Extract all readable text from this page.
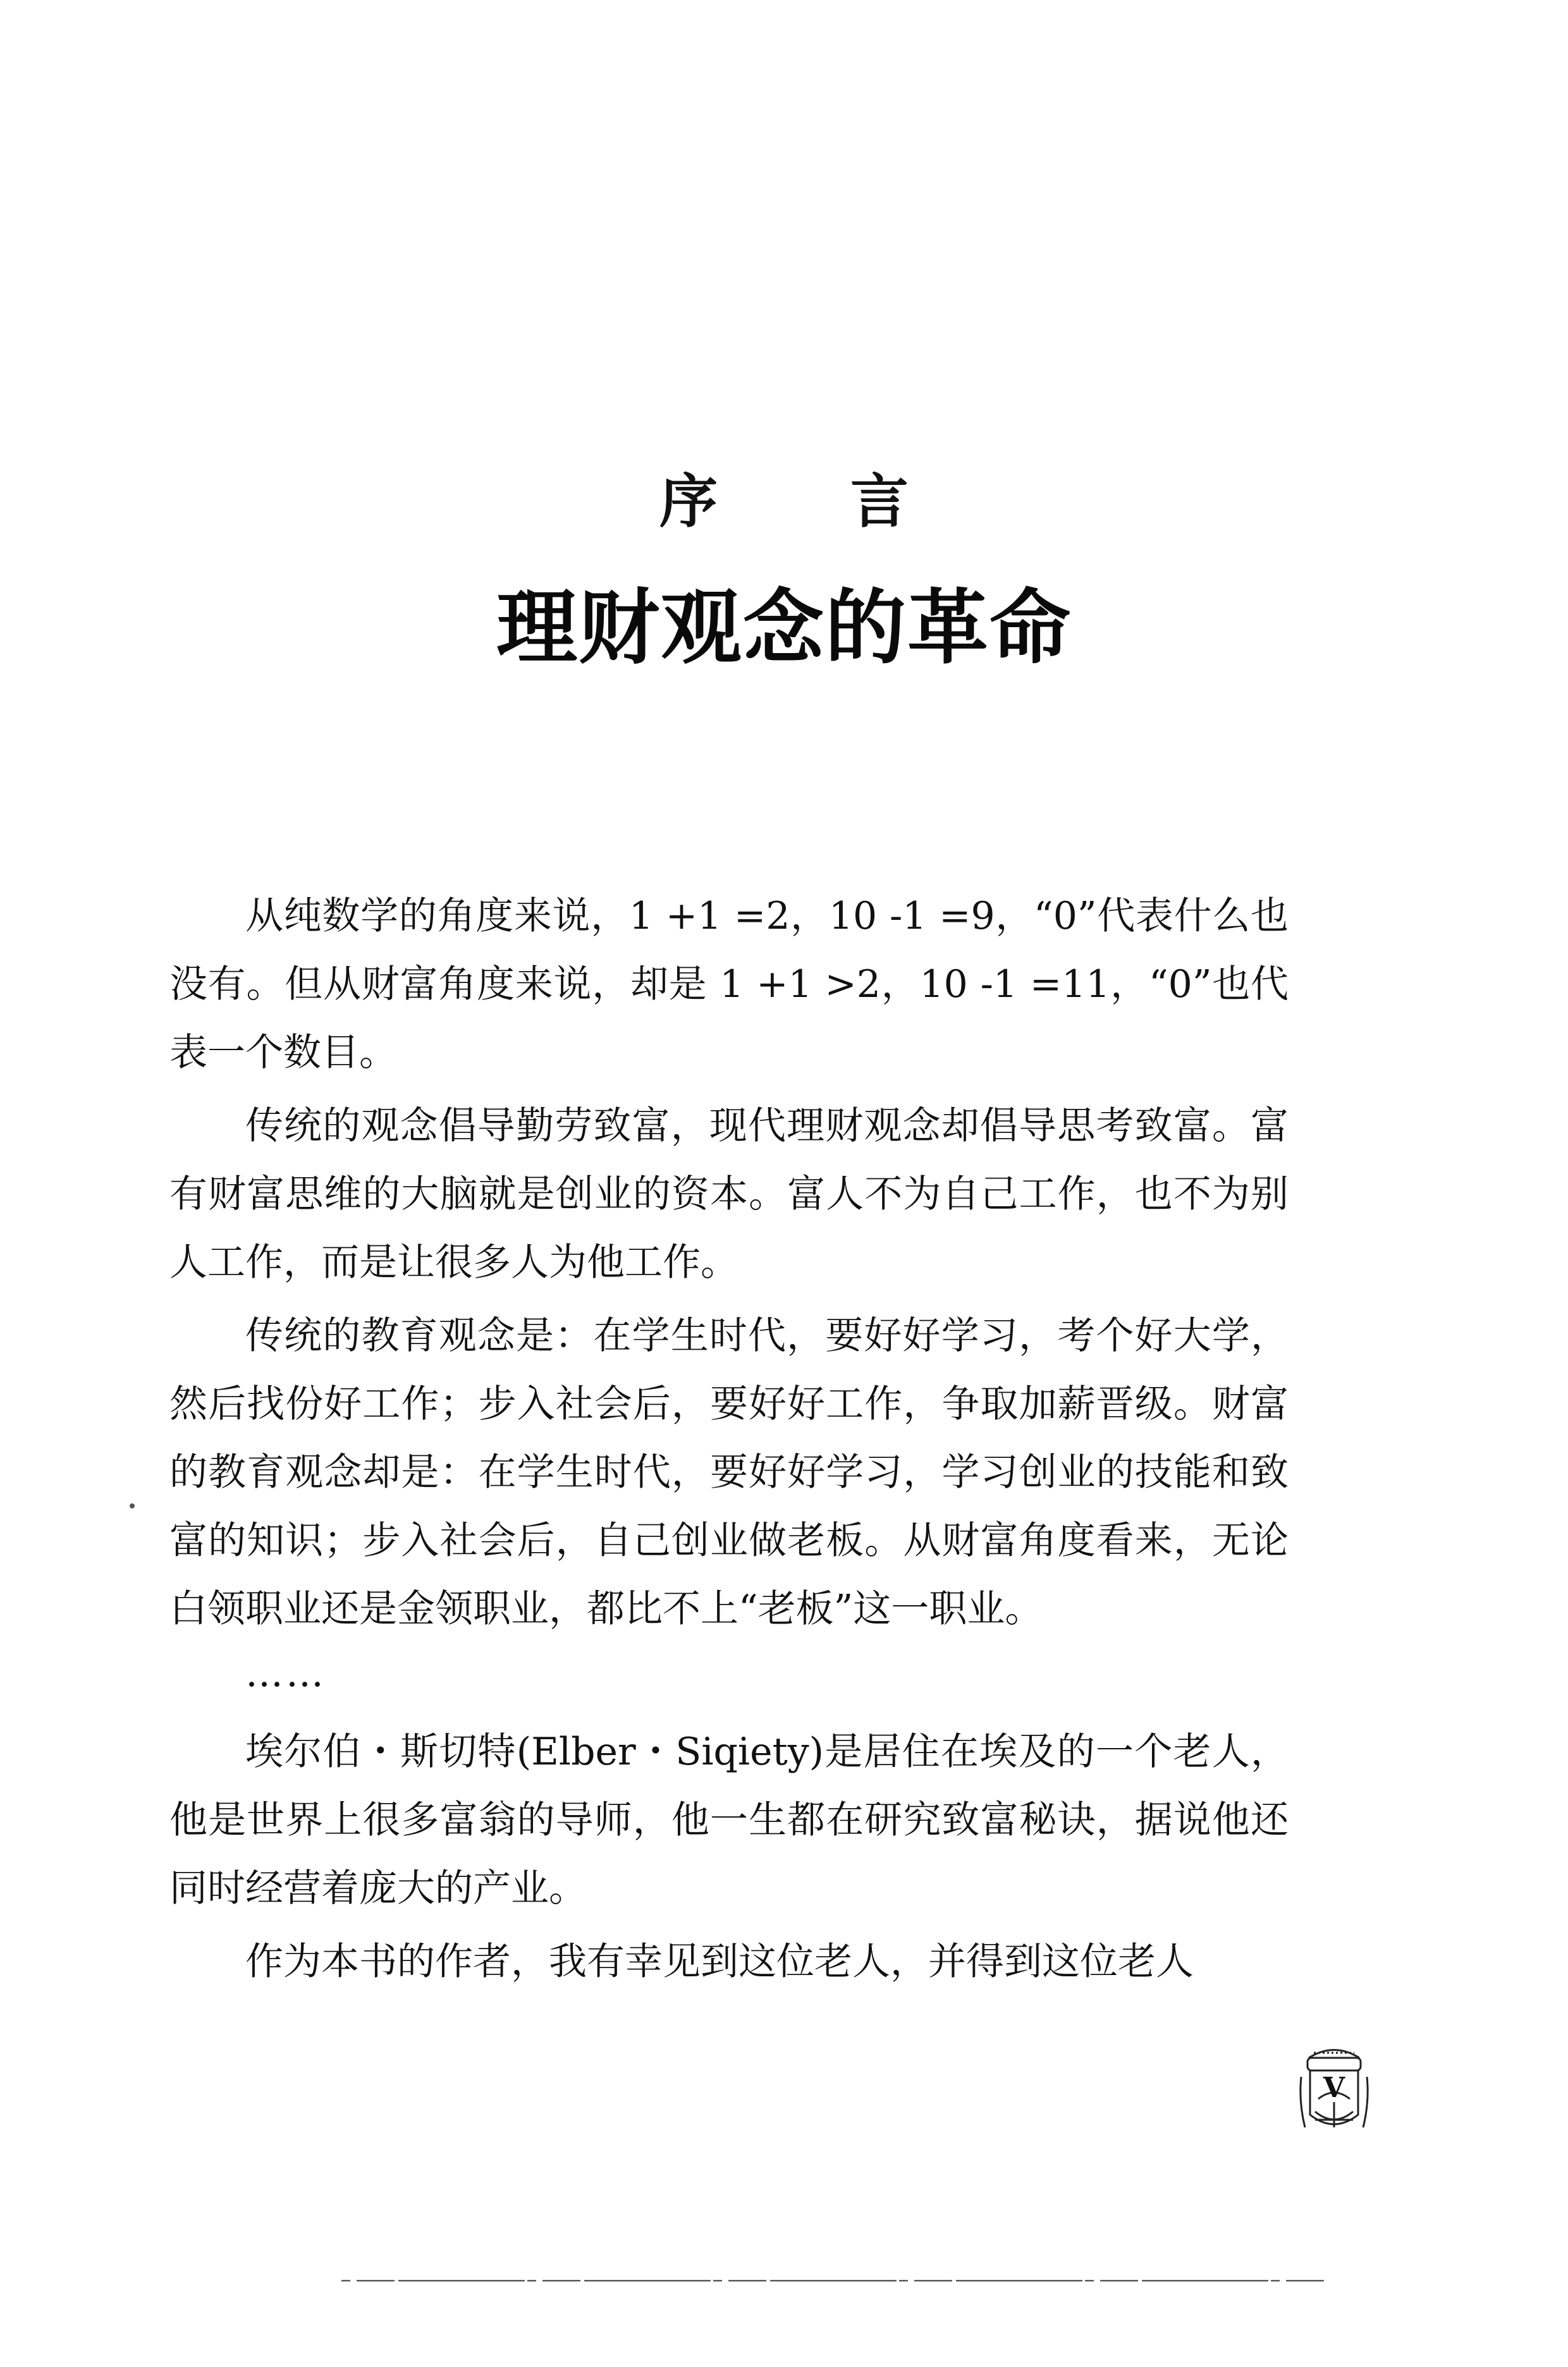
序言
理财观念的革命

从纯数学的角度来说，1 +1 =2，10 -1 =9，“0”代表什么也没有。但从财富角度来说，却是 1 +1 >2，10 -1 =11，“0”也代表一个数目。

传统的观念倡导勤劳致富，现代理财观念却倡导思考致富。富有财富思维的大脑就是创业的资本。富人不为自己工作，也不为别人工作，而是让很多人为他工作。

传统的教育观念是：在学生时代，要好好学习，考个好大学，然后找份好工作；步入社会后，要好好工作，争取加薪晋级。财富的教育观念却是：在学生时代，要好好学习，学习创业的技能和致富的知识；步入社会后，自己创业做老板。从财富角度看来，无论白领职业还是金领职业，都比不上“老板”这一职业。

……

埃尔伯・斯切特(Elber・Siqiety)是居住在埃及的一个老人，他是世界上很多富翁的导师，他一生都在研究致富秘诀，据说他还同时经营着庞大的产业。

作为本书的作者，我有幸见到这位老人，并得到这位老人

V
